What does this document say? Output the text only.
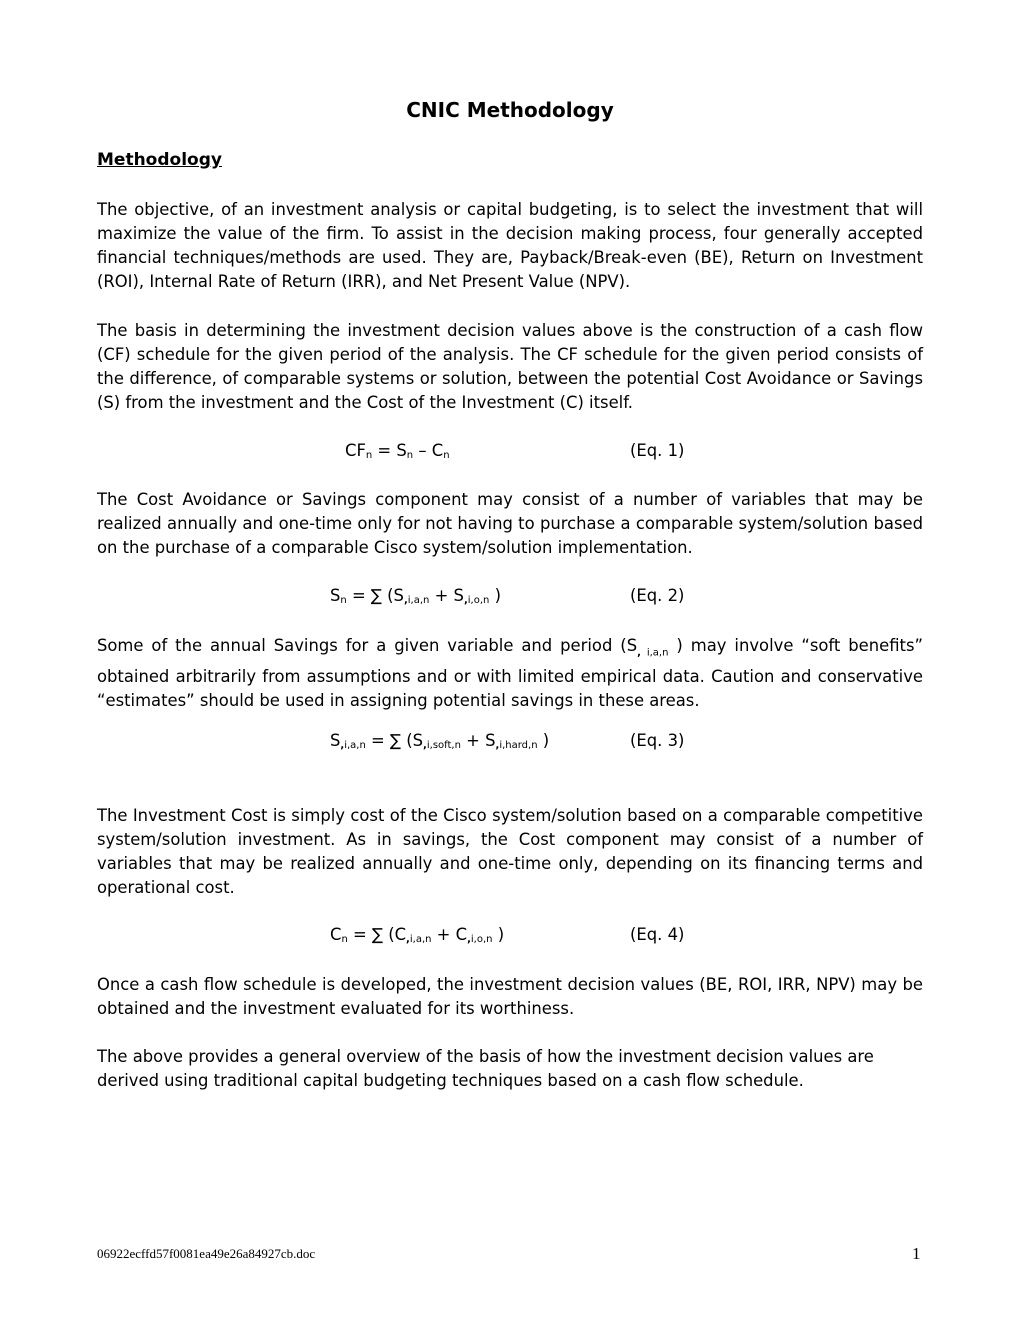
CNIC Methodology
Methodology
The objective, of an investment analysis or capital budgeting, is to select the investment that will maximize the value of the firm. To assist in the decision making process, four generally accepted financial techniques/methods are used. They are, Payback/Break-even (BE), Return on Investment (ROI), Internal Rate of Return (IRR), and Net Present Value (NPV).
The basis in determining the investment decision values above is the construction of a cash flow (CF) schedule for the given period of the analysis. The CF schedule for the given period consists of the difference, of comparable systems or solution, between the potential Cost Avoidance or Savings (S) from the investment and the Cost of the Investment (C) itself.
$CF_n = S_n - C_n$	(Eq. 1)
The Cost Avoidance or Savings component may consist of a number of variables that may be realized annually and one-time only for not having to purchase a comparable system/solution based on the purchase of a comparable Cisco system/solution implementation.
$S_n$ = ∑ ($S_{,i,a,n} + S_{,i,o,n}$ )	(Eq. 2)
Some of the annual Savings for a given variable and period ($S_{, i,a,n}$ ) may involve “soft benefits” obtained arbitrarily from assumptions and or with limited empirical data. Caution and conservative “estimates” should be used in assigning potential savings in these areas.
$S_{,i,a,n}$ = ∑ ($S_{,i,soft,n} + S_{,i,hard,n}$ )	(Eq. 3)
The Investment Cost is simply cost of the Cisco system/solution based on a comparable competitive system/solution investment. As in savings, the Cost component may consist of a number of variables that may be realized annually and one-time only, depending on its financing terms and operational cost.
$C_n$ = ∑ ($C_{,i,a,n} + C_{,i,o,n}$ )	(Eq. 4)
Once a cash flow schedule is developed, the investment decision values (BE, ROI, IRR, NPV) may be obtained and the investment evaluated for its worthiness.
The above provides a general overview of the basis of how the investment decision values are derived using traditional capital budgeting techniques based on a cash flow schedule.
06922ecffd57f0081ea49e26a84927cb.doc	1
